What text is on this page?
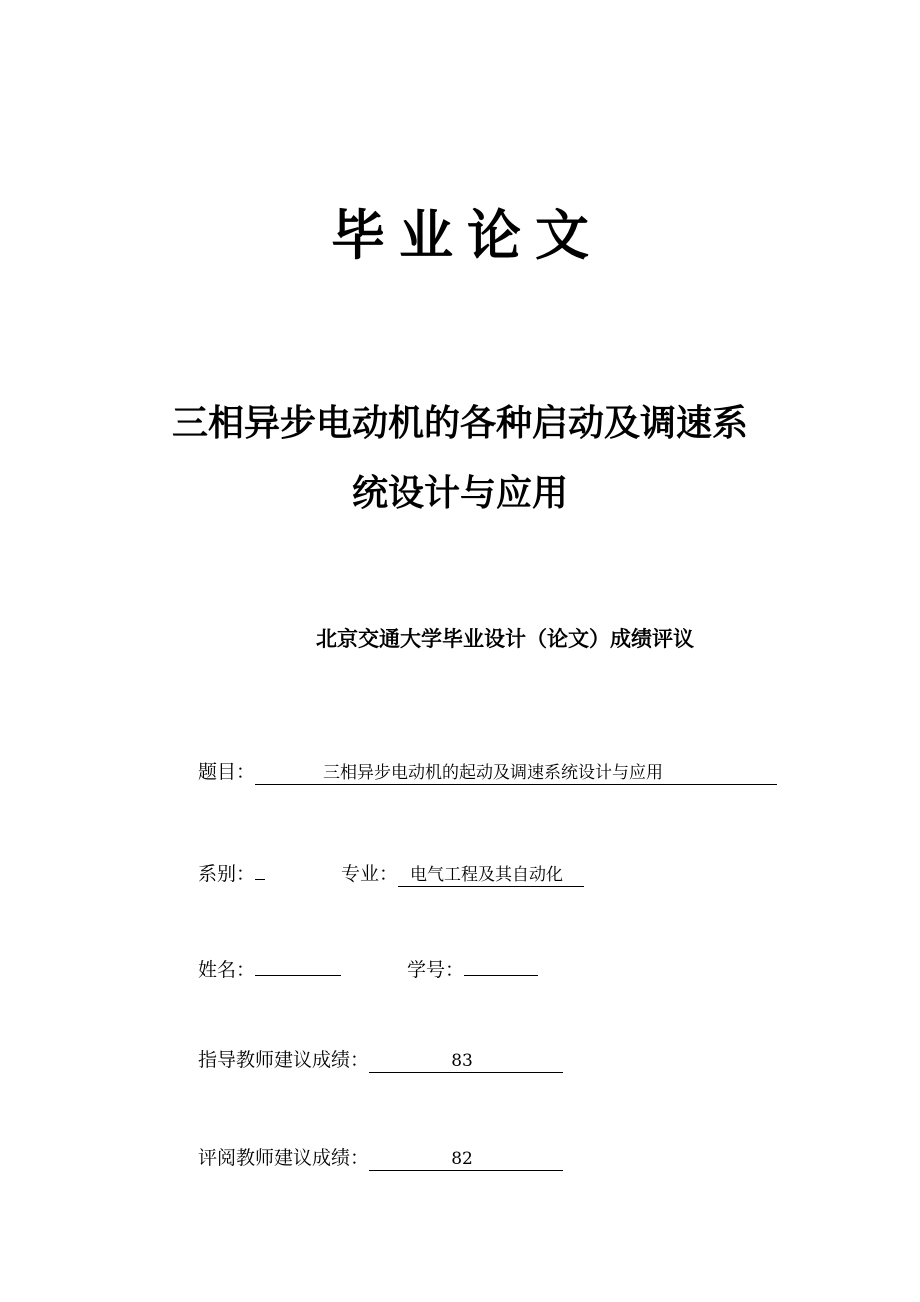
毕业论文
三相异步电动机的各种启动及调速系
统设计与应用
北京交通大学毕业设计（论文）成绩评议
题目：	三相异步电动机的起动及调速系统设计与应用
系别：	专业： 电气工程及其自动化
姓名：	学号：
指导教师建议成绩：	83
评阅教师建议成绩：	82
